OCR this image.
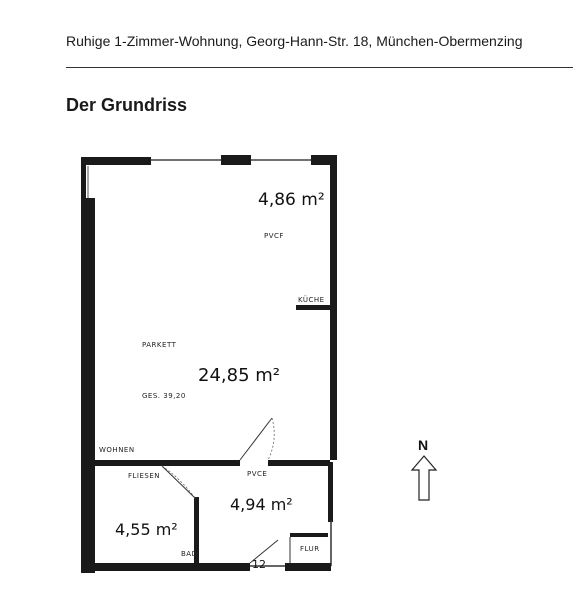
Ruhige 1-Zimmer-Wohnung, Georg-Hann-Str. 18, München-Obermenzing
Der Grundriss
4,86 m²
PVCF
KÜCHE
PARKETT
24,85 m²
GES. 39,20
WOHNEN
FLIESEN	PVCE
4,94 m²
4,55 m²
BAD
FLUR
12
N
